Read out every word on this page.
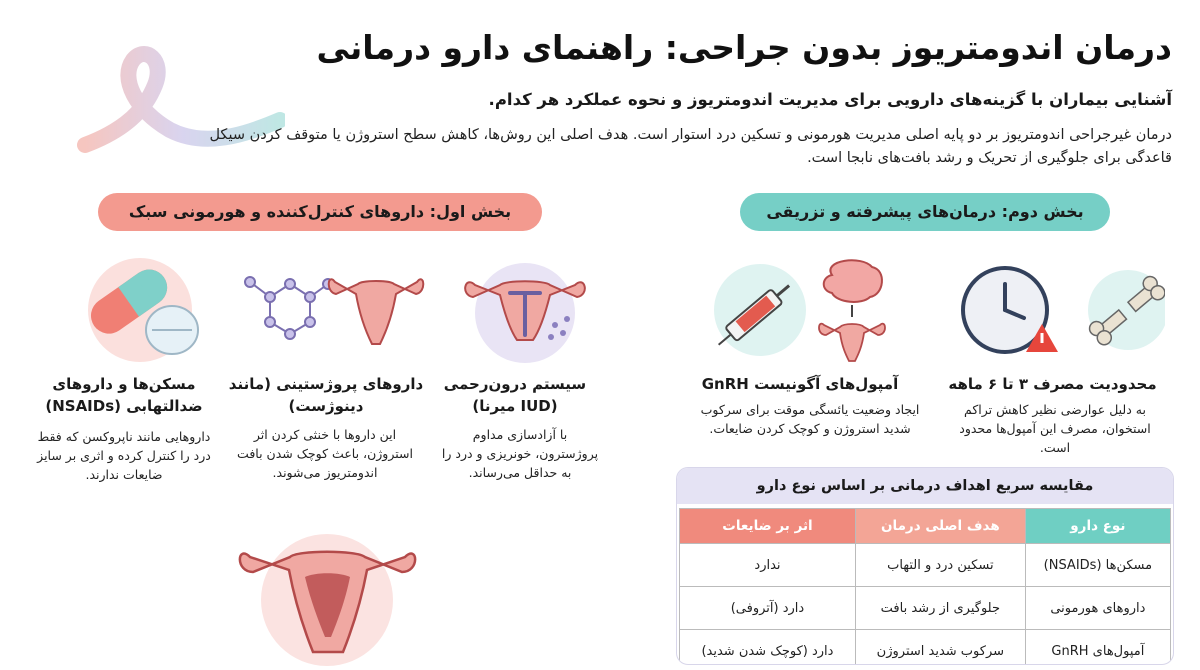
درمان اندومتریوز بدون جراحی: راهنمای دارو درمانی
آشنایی بیماران با گزینه‌های دارویی برای مدیریت اندومتریوز و نحوه عملکرد هر کدام.
درمان غیرجراحی اندومتریوز بر دو پایه اصلی مدیریت هورمونی و تسکین درد استوار است. هدف اصلی این روش‌ها، کاهش سطح استروژن یا متوقف کردن سیکل قاعدگی برای جلوگیری از تحریک و رشد بافت‌های نابجا است.
بخش اول: داروهای کنترل‌کننده و هورمونی سبک	بخش دوم: درمان‌های پیشرفته و تزریقی
سیستم درون‌رحمی (IUD میرنا)
با آزادسازی مداوم پروژسترون، خونریزی و درد را به حداقل می‌رساند.
داروهای پروژستینی (مانند دینوژست)
این داروها با خنثی کردن اثر استروژن، باعث کوچک شدن بافت اندومتریوز می‌شوند.
مسکن‌ها و داروهای ضدالتهابی (NSAIDs)
داروهایی مانند ناپروکسن که فقط درد را کنترل کرده و اثری بر سایز ضایعات ندارند.
آمپول‌های آگونیست GnRH
ایجاد وضعیت یائسگی موقت برای سرکوب شدید استروژن و کوچک کردن ضایعات.
محدودیت مصرف ۳ تا ۶ ماهه
به دلیل عوارضی نظیر کاهش تراکم استخوان، مصرف این آمپول‌ها محدود است.
مقایسه سریع اهداف درمانی بر اساس نوع دارو
نوع دارو	هدف اصلی درمان	اثر بر ضایعات
مسکن‌ها (NSAIDs)	تسکین درد و التهاب	ندارد
داروهای هورمونی	جلوگیری از رشد بافت	دارد (آتروفی)
آمپول‌های GnRH	سرکوب شدید استروژن	دارد (کوچک شدن شدید)
